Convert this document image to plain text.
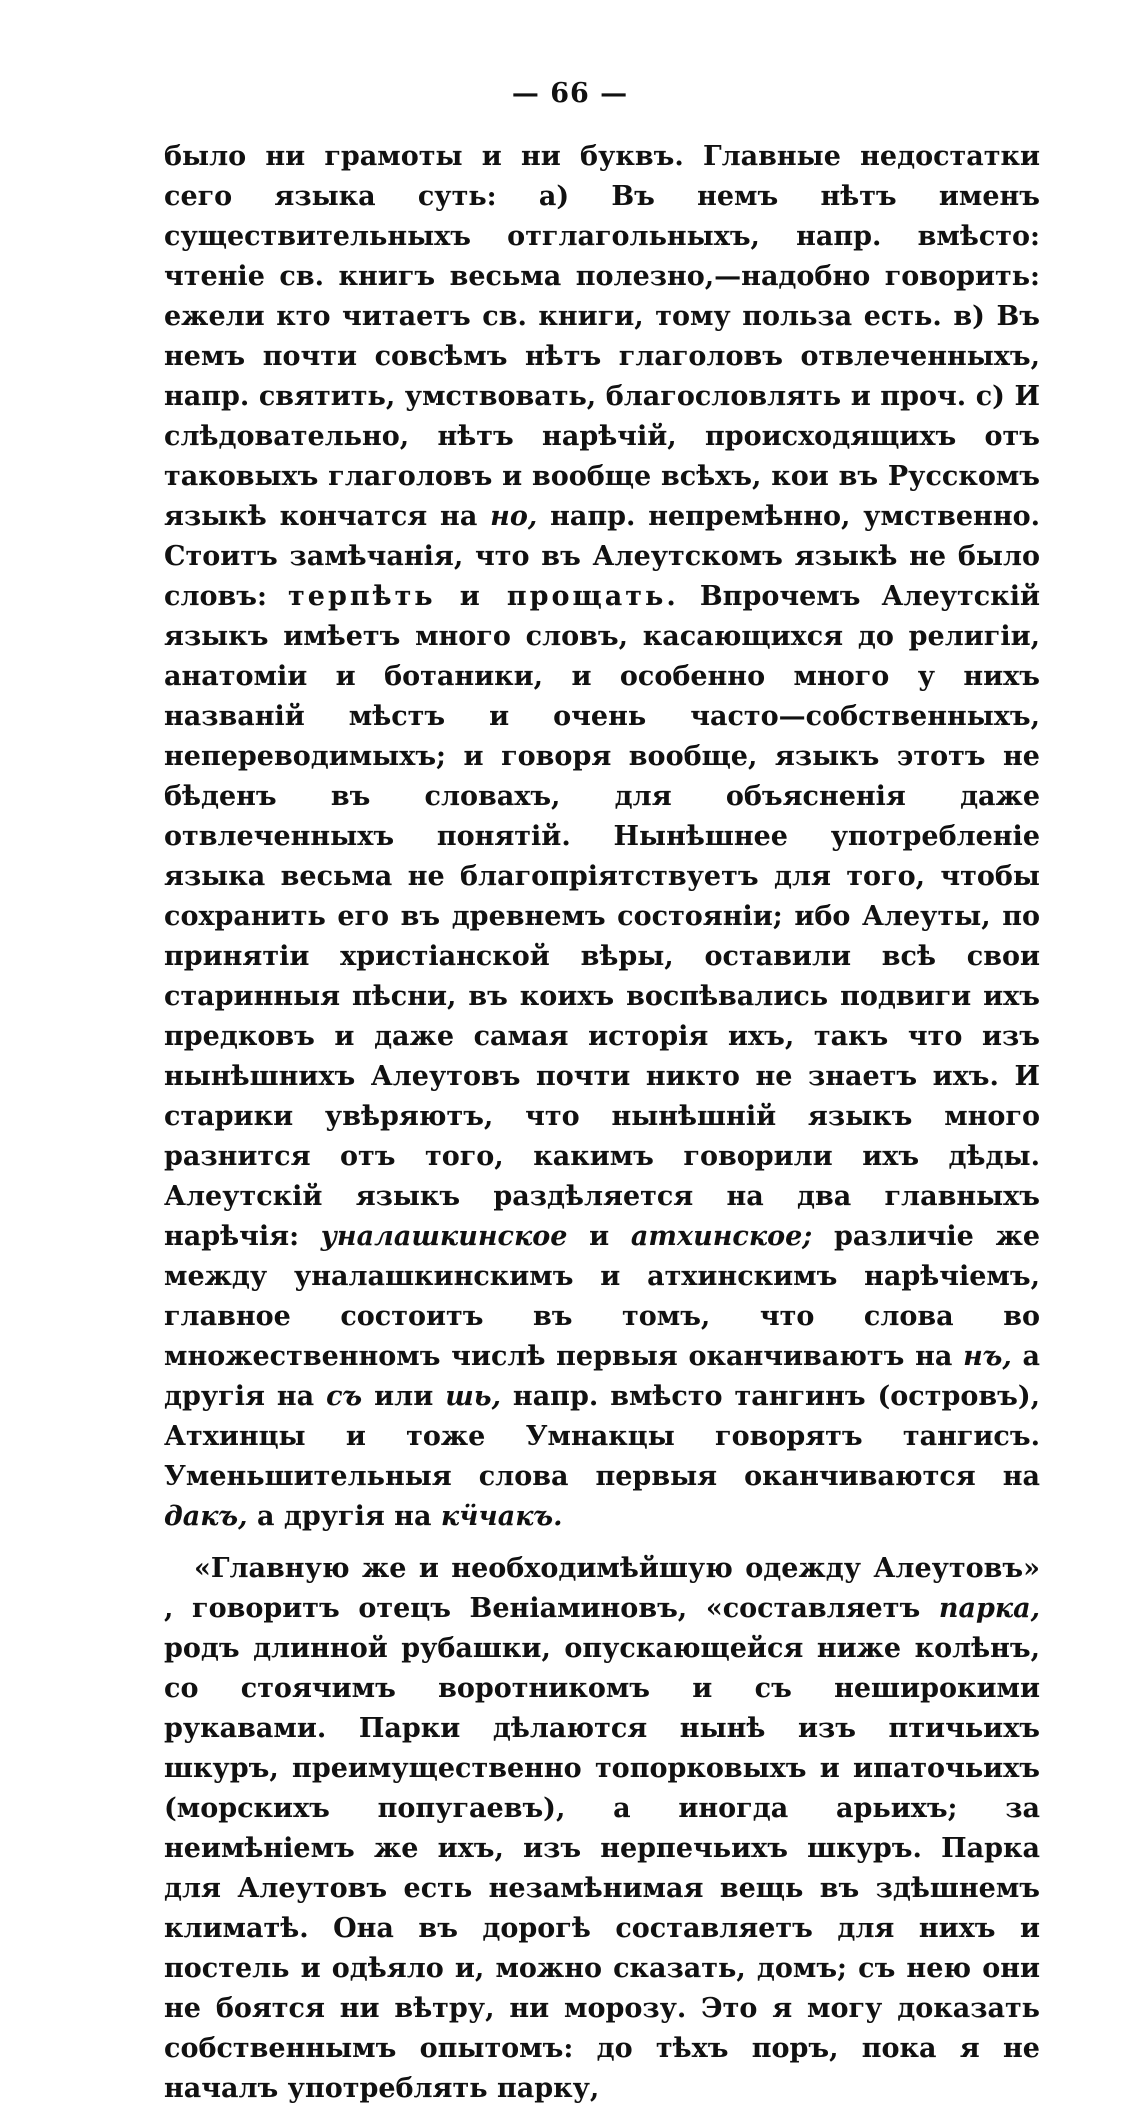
— 66 —

было ни грамоты и ни буквъ. Главные недостатки сего языка суть: а) Въ немъ нѣтъ именъ существительныхъ отглагольныхъ, напр. вмѣсто: чтеніе св. книгъ весьма полезно,—надобно говорить: ежели кто читаетъ св. книги, тому польза есть. в) Въ немъ почти совсѣмъ нѣтъ глаголовъ отвлеченныхъ, напр. святить, умствовать, благословлять и проч. с) И слѣдовательно, нѣтъ нарѣчій, происходящихъ отъ таковыхъ глаголовъ и вообще всѣхъ, кои въ Русскомъ языкѣ кончатся на но, напр. непремѣнно, умственно. Стоитъ замѣчанія, что въ Алеутскомъ языкѣ не было словъ: терпѣть и прощать. Впрочемъ Алеутскій языкъ имѣетъ много словъ, касающихся до религіи, анатоміи и ботаники, и особенно много у нихъ названій мѣстъ и очень часто—собственныхъ, непереводимыхъ; и говоря вообще, языкъ этотъ не бѣденъ въ словахъ, для объясненія даже отвлеченныхъ понятій. Нынѣшнее употребленіе языка весьма не благопріятствуетъ для того, чтобы сохранить его въ древнемъ состояніи; ибо Алеуты, по принятіи христіанской вѣры, оставили всѣ свои старинныя пѣсни, въ коихъ воспѣвались подвиги ихъ предковъ и даже самая исторія ихъ, такъ что изъ нынѣшнихъ Алеутовъ почти никто не знаетъ ихъ. И старики увѣряютъ, что нынѣшній языкъ много разнится отъ того, какимъ говорили ихъ дѣды. Алеутскій языкъ раздѣляется на два главныхъ нарѣчія: уналашкинское и атхинское; различіе же между уналашкинскимъ и атхинскимъ нарѣчіемъ, главное состоитъ въ томъ, что слова во множественномъ числѣ первыя оканчиваютъ на нъ, а другія на съ или шь, напр. вмѣсто тангинъ (островъ), Атхинцы и тоже Умнакцы говорятъ тангисъ. Уменьшительныя слова первыя оканчиваются на дакъ, а другія на кӵчакъ.

«Главную же и необходимѣйшую одежду Алеутовъ» , говоритъ отецъ Веніаминовъ, «составляетъ парка, родъ длинной рубашки, опускающейся ниже колѣнъ, со стоячимъ воротникомъ и съ неширокими рукавами. Парки дѣлаются нынѣ изъ птичьихъ шкуръ, преимущественно топорковыхъ и ипаточьихъ (морскихъ попугаевъ), а иногда арьихъ; за неимѣніемъ же ихъ, изъ нерпечьихъ шкуръ. Парка для Алеутовъ есть незамѣнимая вещь въ здѣшнемъ климатѣ. Она въ дорогѣ составляетъ для нихъ и постель и одѣяло и, можно сказать, домъ; съ нею они не боятся ни вѣтру, ни морозу. Это я могу доказать собственнымъ опытомъ: до тѣхъ поръ, пока я не началъ употреблять парку,
